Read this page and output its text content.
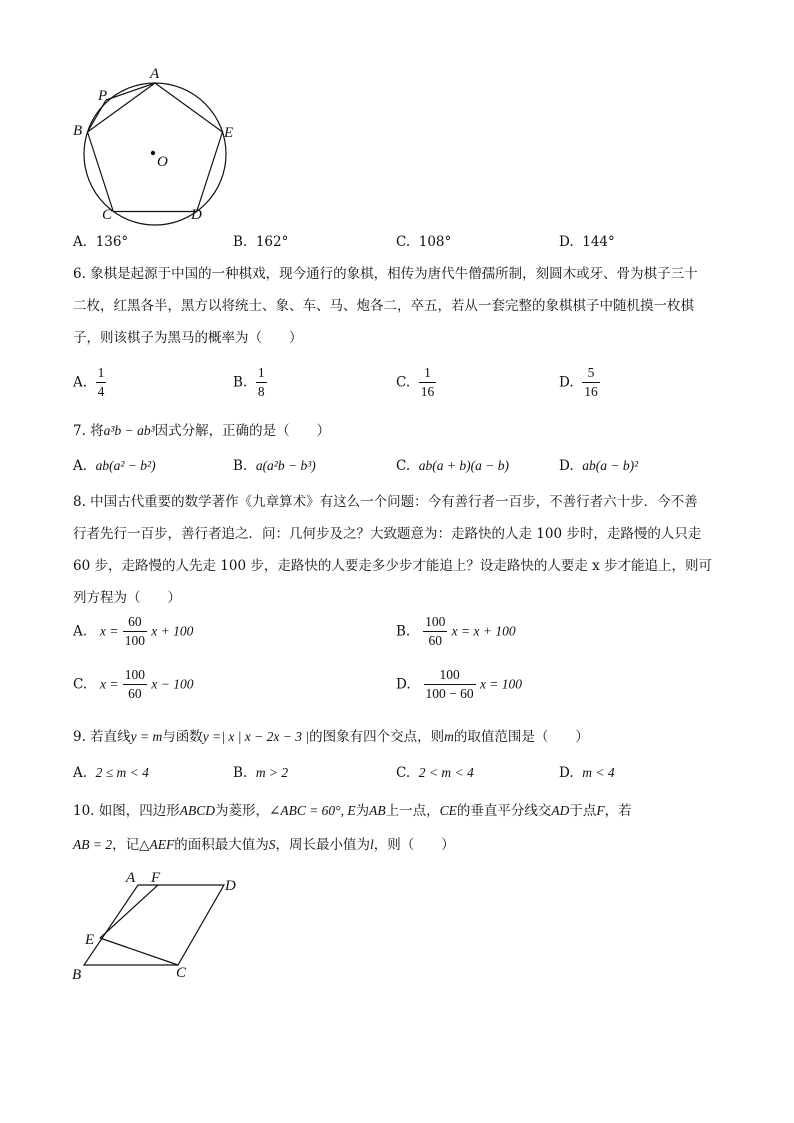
A
P
B	E
O
C	D
A. 136°	B. 162°	C. 108°	D. 144°
6. 象棋是起源于中国的一种棋戏，现今通行的象棋，相传为唐代牛僧孺所制，刻圆木或牙、骨为棋子三十
二枚，红黑各半，黑方以将统士、象、车、马、炮各二，卒五，若从一套完整的象棋棋子中随机摸一枚棋
子，则该棋子为黑马的概率为（　　）
A. $\frac{1}{4}$	B. $\frac{1}{8}$	C. $\frac{1}{16}$	D. $\frac{5}{16}$
7. 将a³b − ab³因式分解，正确的是（　　）
A. ab(a² − b²)	B. a(a²b − b³)	C. ab(a + b)(a − b)	D. ab(a − b)²
8. 中国古代重要的数学著作《九章算术》有这么一个问题：今有善行者一百步，不善行者六十步．今不善
行者先行一百步，善行者追之．问：几何步及之？大致题意为：走路快的人走 100 步时，走路慢的人只走
60 步，走路慢的人先走 100 步，走路快的人要走多少步才能追上？设走路快的人要走 x 步才能追上，则可
列方程为（　　）
A. $x = \frac{60}{100}$ x + 100	B. $\frac{100}{60}$ x = x + 100
C. $x = \frac{100}{60}$ x − 100	D. $\frac{100}{100 - 60}$ x = 100
9. 若直线y = m与函数y =| x | x − 2x − 3 |的图象有四个交点，则m的取值范围是（　　）
A. 2 ≤ m < 4	B. m > 2	C. 2 < m < 4	D. m < 4
10. 如图，四边形ABCD为菱形，∠ABC = 60°, E为AB上一点，CE的垂直平分线交AD于点F，若
AB = 2，记△AEF的面积最大值为S，周长最小值为l，则（　　）
A F	D
E
B	C
